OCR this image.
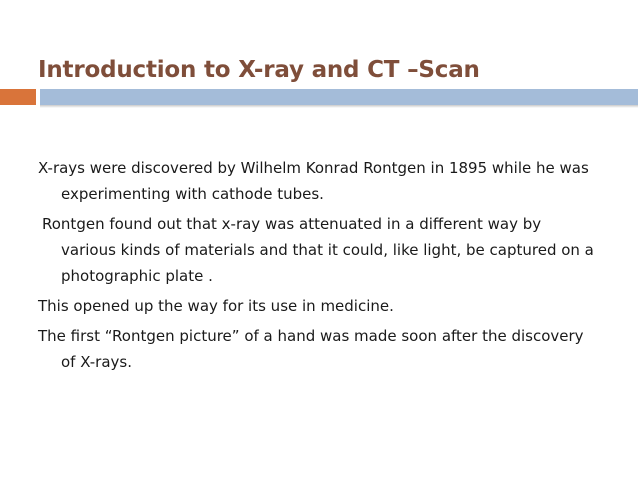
Introduction to X-ray and CT –Scan

X-rays were discovered by Wilhelm Konrad Rontgen in 1895 while he was experimenting with cathode tubes.

Rontgen found out that x-ray was attenuated in a different way by various kinds of materials and that it could, like light, be captured on a photographic plate .

This opened up the way for its use in medicine.

The first “Rontgen picture” of a hand was made soon after the discovery of X-rays.
